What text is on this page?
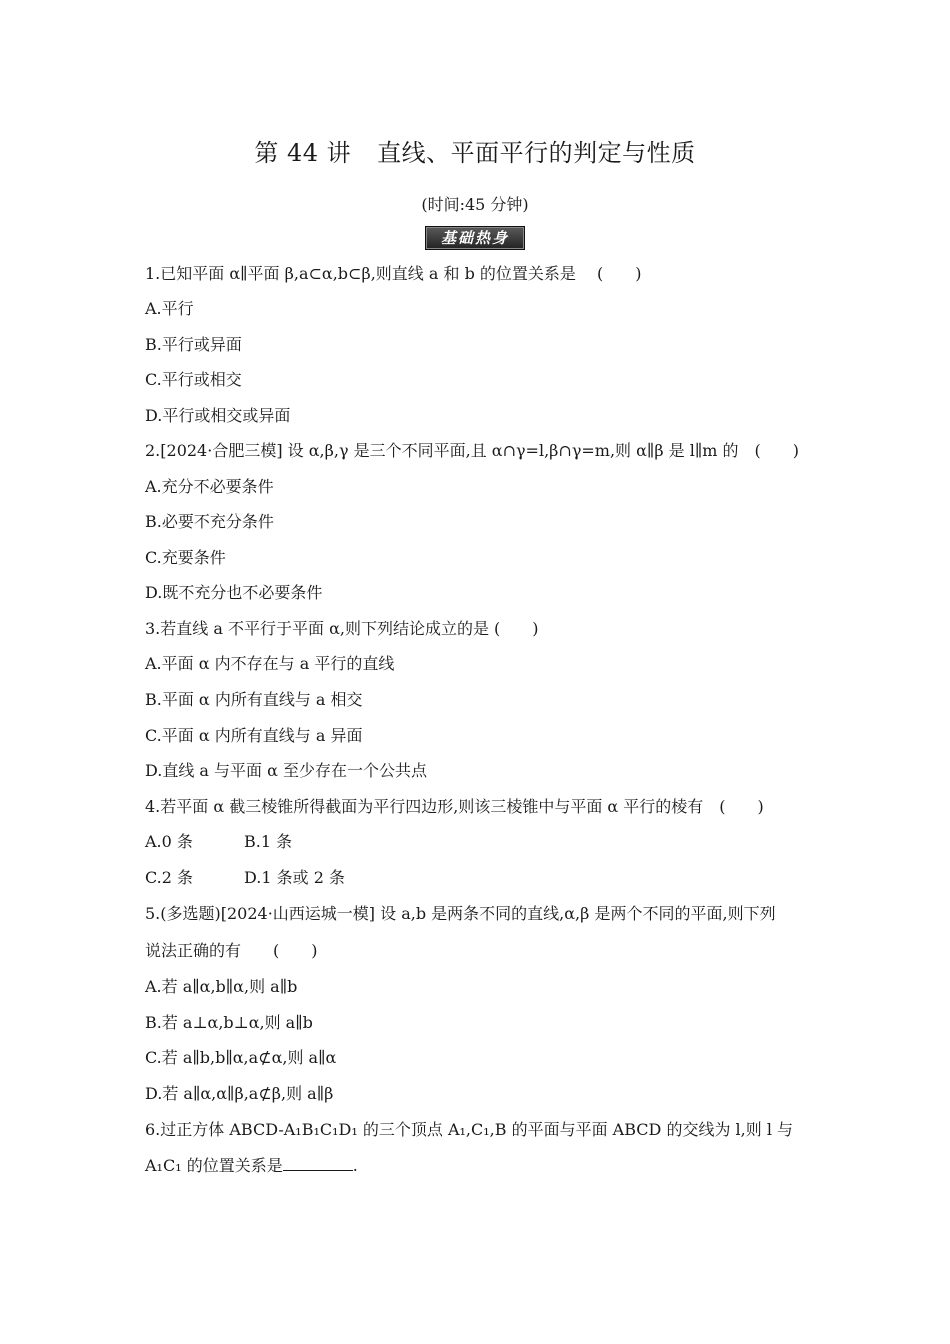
第 44 讲 直线、平面平行的判定与性质
(时间:45 分钟)
基础热身
1.已知平面 α∥平面 β,a⊂α,b⊂β,则直线 a 和 b 的位置关系是　 (　　)
A.平行
B.平行或异面
C.平行或相交
D.平行或相交或异面
2.[2024·合肥三模] 设 α,β,γ 是三个不同平面,且 α∩γ=l,β∩γ=m,则 α∥β 是 l∥m 的　(　　)
A.充分不必要条件
B.必要不充分条件
C.充要条件
D.既不充分也不必要条件
3.若直线 a 不平行于平面 α,则下列结论成立的是 (　　)
A.平面 α 内不存在与 a 平行的直线
B.平面 α 内所有直线与 a 相交
C.平面 α 内所有直线与 a 异面
D.直线 a 与平面 α 至少存在一个公共点
4.若平面 α 截三棱锥所得截面为平行四边形,则该三棱锥中与平面 α 平行的棱有　(　　)
A.0 条	B.1 条
C.2 条	D.1 条或 2 条
5.(多选题)[2024·山西运城一模] 设 a,b 是两条不同的直线,α,β 是两个不同的平面,则下列
说法正确的有　　(　　)
A.若 a∥α,b∥α,则 a∥b
B.若 a⊥α,b⊥α,则 a∥b
C.若 a∥b,b∥α,a⊄α,则 a∥α
D.若 a∥α,α∥β,a⊄β,则 a∥β
6.过正方体 ABCD-A₁B₁C₁D₁ 的三个顶点 A₁,C₁,B 的平面与平面 ABCD 的交线为 l,则 l 与
A₁C₁ 的位置关系是	.
